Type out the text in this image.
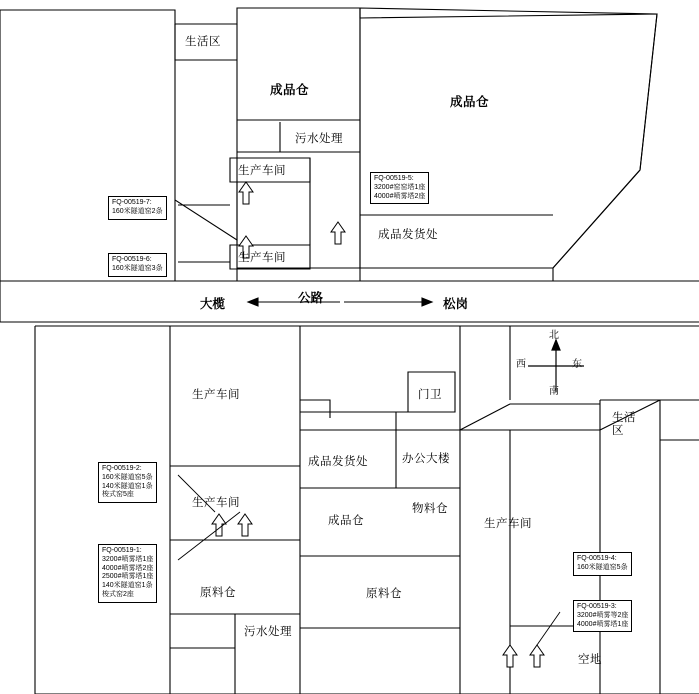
生活区
成品仓
成品仓
污水处理
生产车间
生产车间
成品发货处
生产车间
生产车间
原料仓
污水处理
成品发货处
成品仓
原料仓
门卫
办公大楼
物料仓
生产车间
空地
生活区
大榄	公路	松岗
北
南
西	东
FQ-00519-7:
160米隧道窑2条
FQ-00519-6:
160米隧道窑3条
FQ-00519-5:
3200#窑窑塔1座
4000#喷雾塔2座
FQ-00519-2:
160米隧道窑5条
140米隧道窑1条
梭式窑5座
FQ-00519-1:
3200#喷雾塔1座
4000#喷雾塔2座
2500#喷雾塔1座
140米隧道窑1条
梭式窑2座
FQ-00519-4:
160米隧道窑5条
FQ-00519-3:
3200#喷雾等2座
4000#喷雾塔1座
